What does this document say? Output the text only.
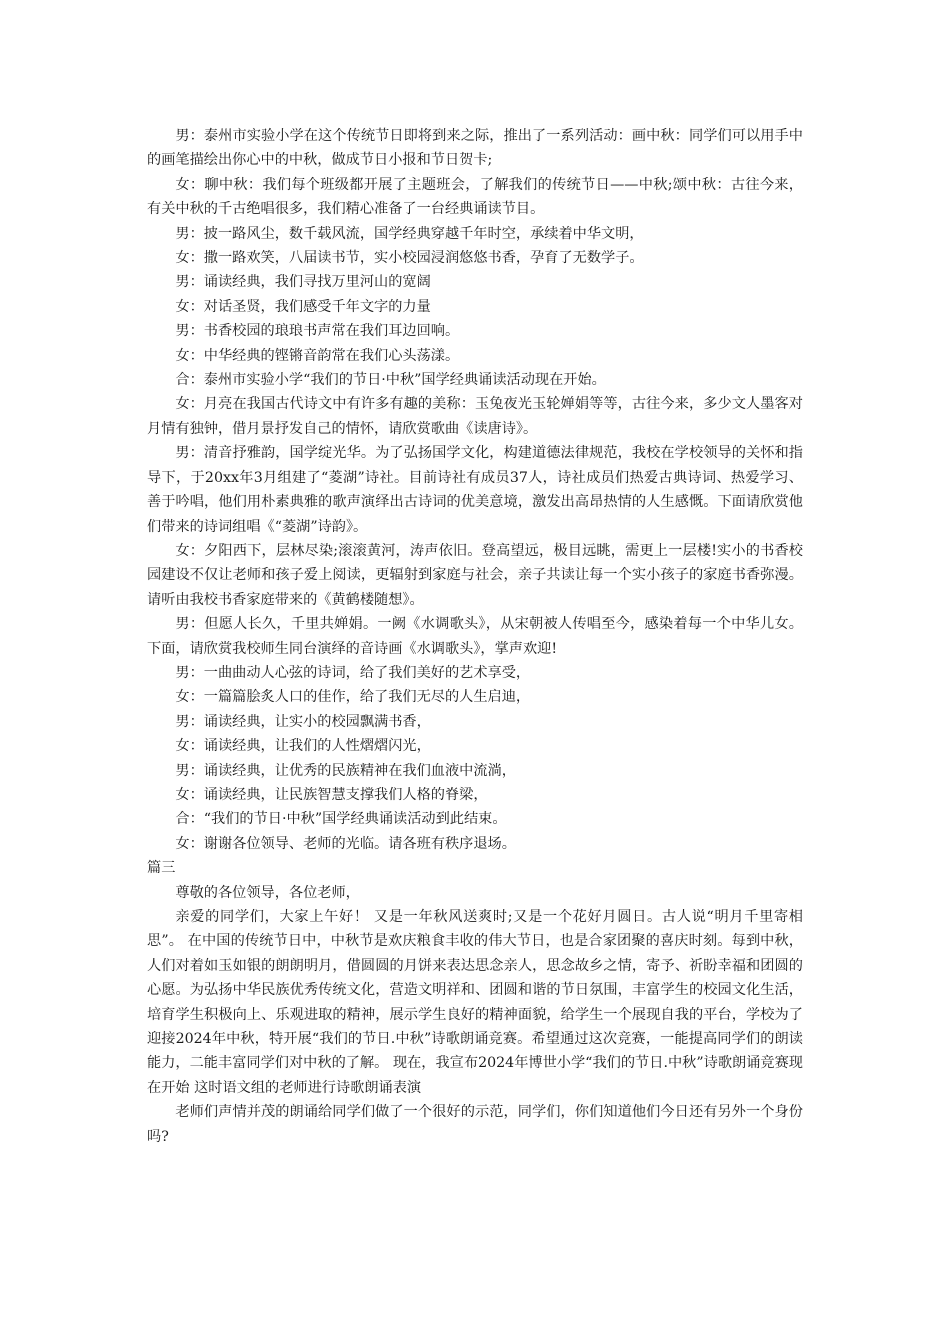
男：泰州市实验小学在这个传统节日即将到来之际，推出了一系列活动：画中秋：同学们可以用手中的画笔描绘出你心中的中秋，做成节日小报和节日贺卡;

女：聊中秋：我们每个班级都开展了主题班会，了解我们的传统节日——中秋;颂中秋：古往今来，有关中秋的千古绝唱很多，我们精心准备了一台经典诵读节目。

男：披一路风尘，数千载风流，国学经典穿越千年时空，承续着中华文明，

女：撒一路欢笑，八届读书节，实小校园浸润悠悠书香，孕育了无数学子。

男：诵读经典，我们寻找万里河山的宽阔

女：对话圣贤，我们感受千年文字的力量

男：书香校园的琅琅书声常在我们耳边回响。

女：中华经典的铿锵音韵常在我们心头荡漾。

合：泰州市实验小学“我们的节日·中秋”国学经典诵读活动现在开始。

女：月亮在我国古代诗文中有许多有趣的美称：玉兔夜光玉轮婵娟等等，古往今来，多少文人墨客对月情有独钟，借月景抒发自己的情怀，请欣赏歌曲《读唐诗》。

男：清音抒雅韵，国学绽光华。为了弘扬国学文化，构建道德法律规范，我校在学校领导的关怀和指导下，于20xx年3月组建了“菱湖”诗社。目前诗社有成员37人，诗社成员们热爱古典诗词、热爱学习、善于吟唱，他们用朴素典雅的歌声演绎出古诗词的优美意境，激发出高昂热情的人生感慨。下面请欣赏他们带来的诗词组唱《“菱湖”诗韵》。

女：夕阳西下，层林尽染;滚滚黄河，涛声依旧。登高望远，极目远眺，需更上一层楼!实小的书香校园建设不仅让老师和孩子爱上阅读，更辐射到家庭与社会，亲子共读让每一个实小孩子的家庭书香弥漫。请听由我校书香家庭带来的《黄鹤楼随想》。

男：但愿人长久，千里共婵娟。一阙《水调歌头》，从宋朝被人传唱至今，感染着每一个中华儿女。下面，请欣赏我校师生同台演绎的音诗画《水调歌头》，掌声欢迎!

男：一曲曲动人心弦的诗词，给了我们美好的艺术享受，

女：一篇篇脍炙人口的佳作，给了我们无尽的人生启迪，

男：诵读经典，让实小的校园飘满书香，

女：诵读经典，让我们的人性熠熠闪光，

男：诵读经典，让优秀的民族精神在我们血液中流淌，

女：诵读经典，让民族智慧支撑我们人格的脊梁，

合：“我们的节日·中秋”国学经典诵读活动到此结束。

女：谢谢各位领导、老师的光临。请各班有秩序退场。

篇三

尊敬的各位领导，各位老师，

亲爱的同学们，大家上午好！ 又是一年秋风送爽时;又是一个花好月圆日。古人说“明月千里寄相思”。 在中国的传统节日中，中秋节是欢庆粮食丰收的伟大节日，也是合家团聚的喜庆时刻。每到中秋，人们对着如玉如银的朗朗明月，借圆圆的月饼来表达思念亲人，思念故乡之情，寄予、祈盼幸福和团圆的心愿。为弘扬中华民族优秀传统文化，营造文明祥和、团圆和谐的节日氛围，丰富学生的校园文化生活，培育学生积极向上、乐观进取的精神，展示学生良好的精神面貌，给学生一个展现自我的平台，学校为了迎接2024年中秋，特开展“我们的节日.中秋”诗歌朗诵竞赛。希望通过这次竞赛，一能提高同学们的朗读能力，二能丰富同学们对中秋的了解。 现在，我宣布2024年博世小学“我们的节日.中秋”诗歌朗诵竞赛现在开始 这时语文组的老师进行诗歌朗诵表演

老师们声情并茂的朗诵给同学们做了一个很好的示范，同学们，你们知道他们今日还有另外一个身份吗?
